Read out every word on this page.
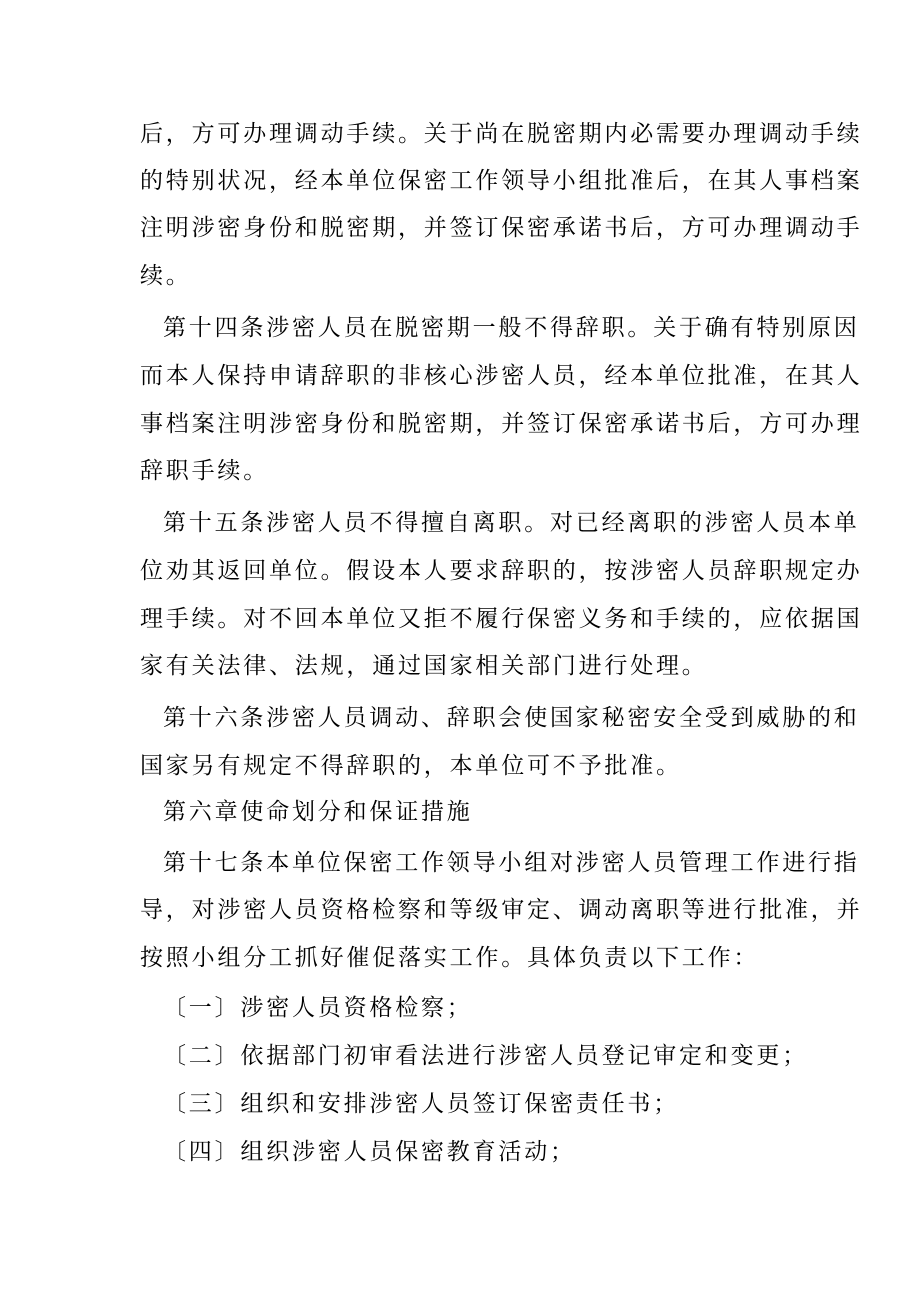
后，方可办理调动手续。关于尚在脱密期内必需要办理调动手续
的特别状况，经本单位保密工作领导小组批准后，在其人事档案
注明涉密身份和脱密期，并签订保密承诺书后，方可办理调动手
续。
第十四条涉密人员在脱密期一般不得辞职。关于确有特别原因
而本人保持申请辞职的非核心涉密人员，经本单位批准，在其人
事档案注明涉密身份和脱密期，并签订保密承诺书后，方可办理
辞职手续。
第十五条涉密人员不得擅自离职。对已经离职的涉密人员本单
位劝其返回单位。假设本人要求辞职的，按涉密人员辞职规定办
理手续。对不回本单位又拒不履行保密义务和手续的，应依据国
家有关法律、法规，通过国家相关部门进行处理。
第十六条涉密人员调动、辞职会使国家秘密安全受到威胁的和
国家另有规定不得辞职的，本单位可不予批准。
第六章使命划分和保证措施
第十七条本单位保密工作领导小组对涉密人员管理工作进行指
导，对涉密人员资格检察和等级审定、调动离职等进行批准，并
按照小组分工抓好催促落实工作。具体负责以下工作：
〔一〕涉密人员资格检察；
〔二〕依据部门初审看法进行涉密人员登记审定和变更；
〔三〕组织和安排涉密人员签订保密责任书；
〔四〕组织涉密人员保密教育活动；
